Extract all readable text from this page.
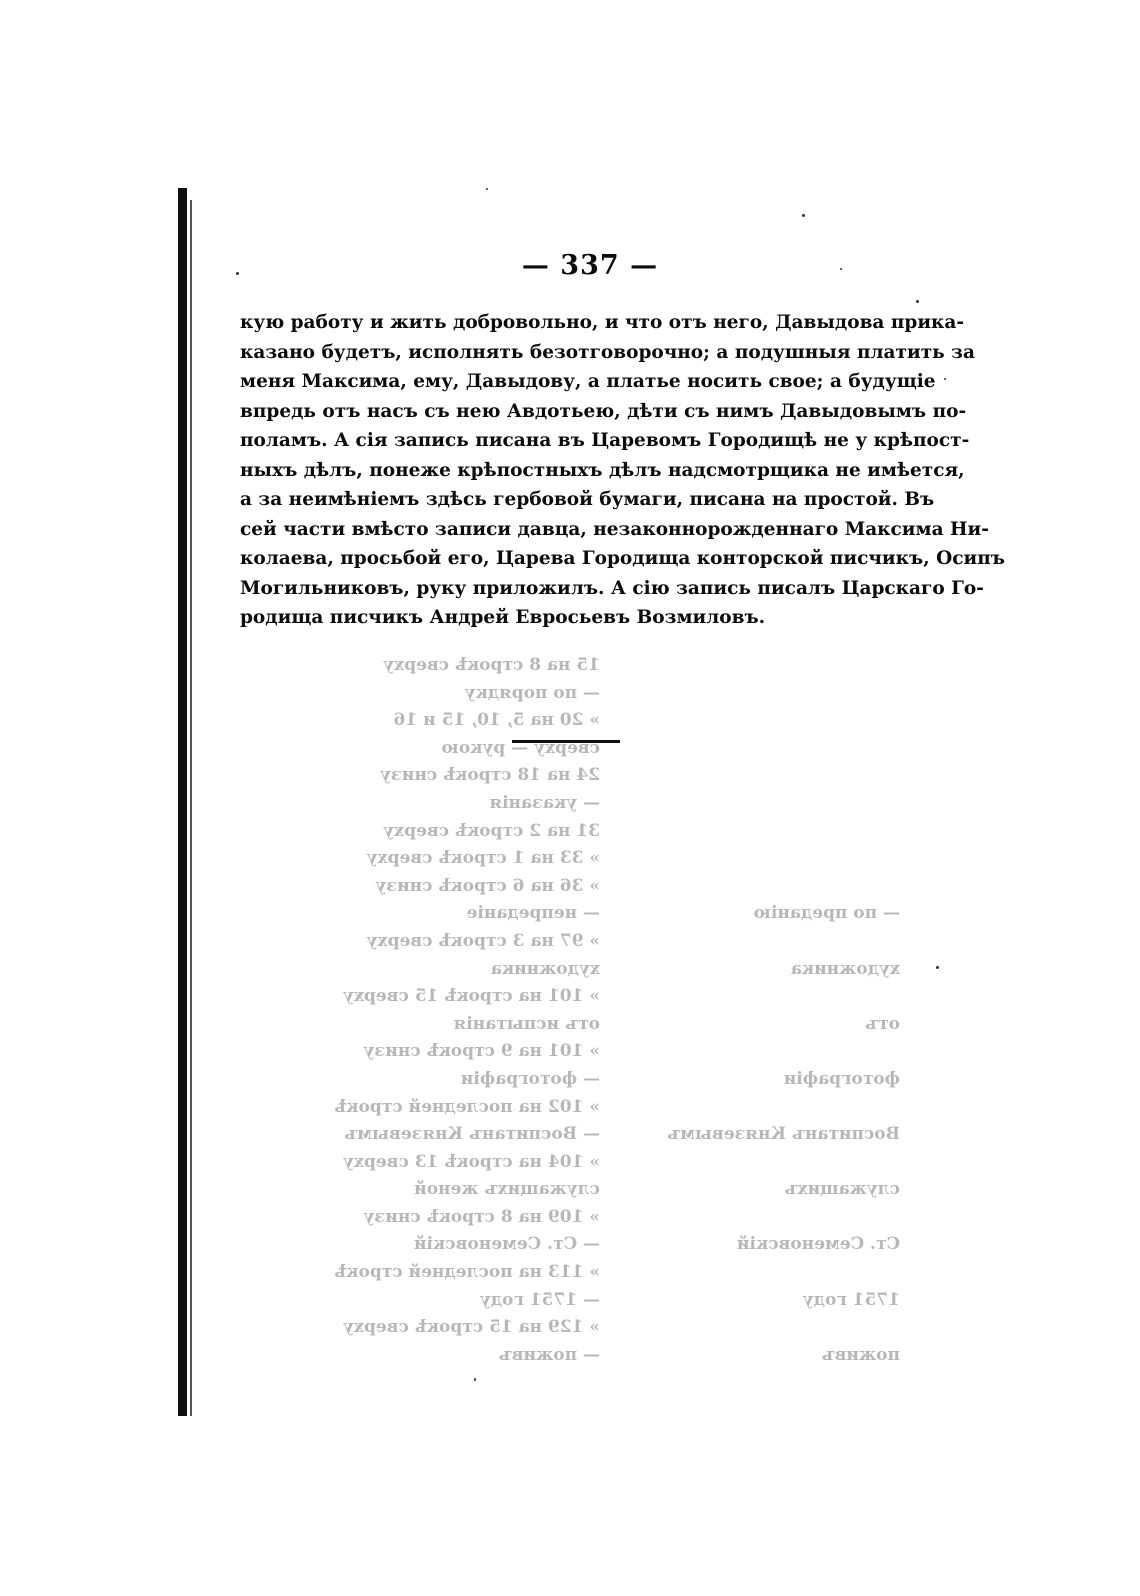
— 337 —
кую работу и жить добровольно, и что отъ него, Давыдова прика-
казано будетъ, исполнять безотговорочно; а подушныя платить за
меня Максима, ему, Давыдову, а платье носить свое; а будущіе
впредь отъ насъ съ нею Авдотьею, дѣти съ нимъ Давыдовымъ по-
поламъ. А сія запись писана въ Царевомъ Городищѣ не у крѣпост-
ныхъ дѣлъ, понеже крѣпостныхъ дѣлъ надсмотрщика не имѣется,
а за неимѣніемъ здѣсь гербовой бумаги, писана на простой. Въ
сей части вмѣсто записи давца, незаконнорожденнаго Максима Ни-
колаева, просьбой его, Царева Городища конторской писчикъ, Осипъ
Могильниковъ, руку приложилъ. А сію запись писалъ Царскаго Го-
родища писчикъ Андрей Евросьевъ Возмиловъ.
15 на 8 строкѣ сверху
— по порядку
» 20 на 5, 10, 15 и 16
сверху — рукою
24 на 18 строкѣ снизу
— указанія
31 на 2 строкѣ сверху
» 33 на 1 строкѣ сверху
» 36 на 6 строкѣ снизу
— по преданію— непреданіе
» 97 на 3 строкѣ сверху
художникахудожника
» 101 на строкѣ 15 сверху
отъотъ испытанія
» 101 на 9 строкѣ снизу
фотографіи— фотографіи
» 102 на последней строкѣ
Воспитанъ Князевымъ— Воспитанъ Князевымъ
» 104 на строкѣ 13 сверху
служащихъслужащихъ женой
» 109 на 8 строкѣ снизу
Ст. Семеновскій— Ст. Семеновскій
» 113 на последней строкѣ
1751 году— 1751 году
» 129 на 15 строкѣ сверху
поживъ— поживъ
